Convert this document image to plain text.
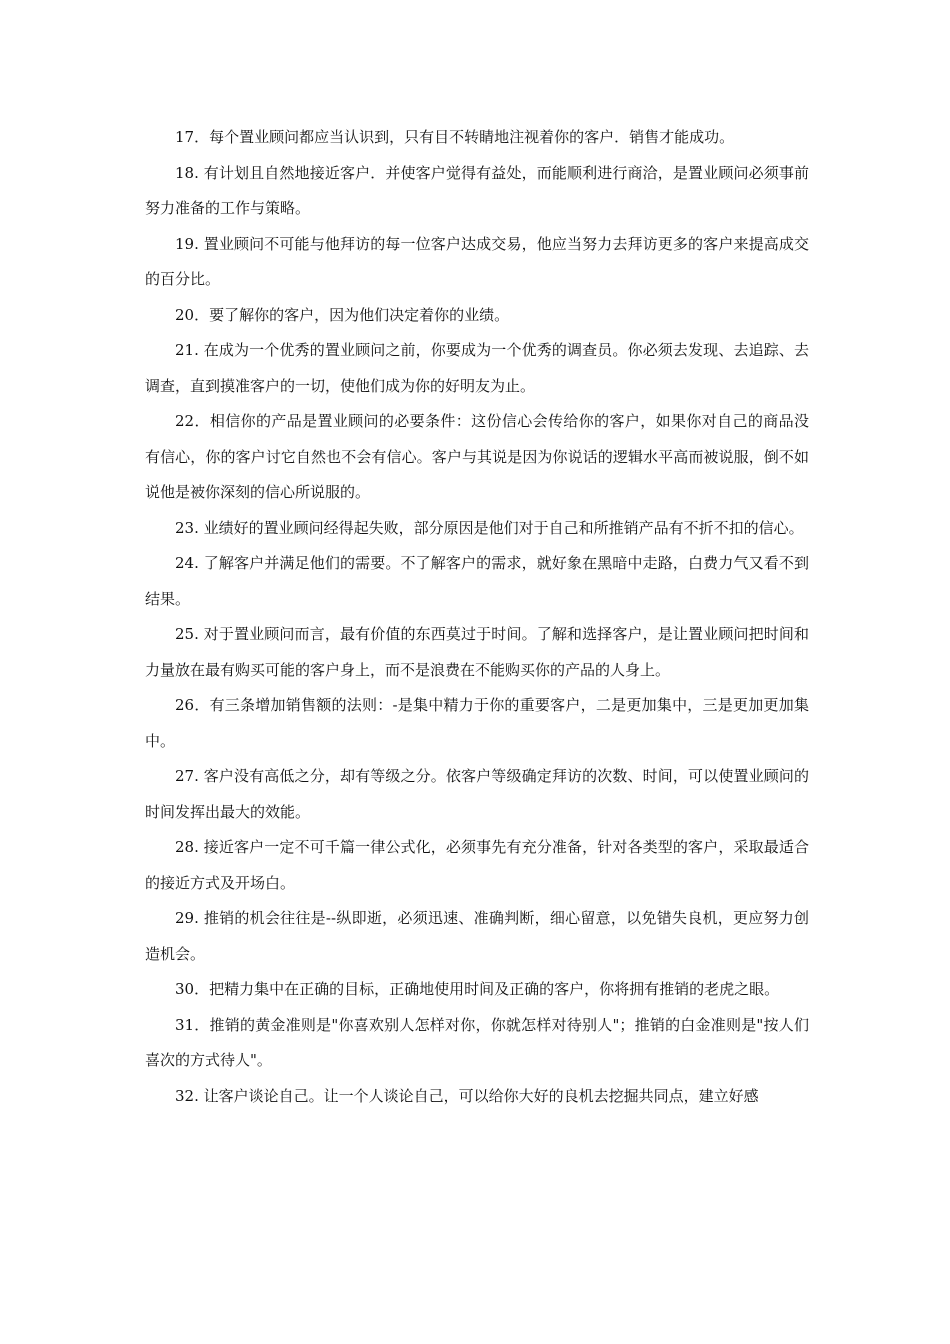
17．每个置业顾问都应当认识到，只有目不转睛地注视着你的客户．销售才能成功。

18. 有计划且自然地接近客户．并使客户觉得有益处，而能顺利进行商洽，是置业顾问必须事前努力准备的工作与策略。

19. 置业顾问不可能与他拜访的每一位客户达成交易，他应当努力去拜访更多的客户来提高成交的百分比。

20．要了解你的客户，因为他们决定着你的业绩。

21. 在成为一个优秀的置业顾问之前，你要成为一个优秀的调查员。你必须去发现、去追踪、去调查，直到摸准客户的一切，使他们成为你的好明友为止。

22．相信你的产品是置业顾问的必要条件：这份信心会传给你的客户，如果你对自己的商品没有信心，你的客户讨它自然也不会有信心。客户与其说是因为你说话的逻辑水平高而被说服，倒不如说他是被你深刻的信心所说服的。

23. 业绩好的置业顾问经得起失败，部分原因是他们对于自己和所推销产品有不折不扣的信心。

24. 了解客户并满足他们的需要。不了解客户的需求，就好象在黑暗中走路，白费力气又看不到结果。

25. 对于置业顾问而言，最有价值的东西莫过于时间。了解和选择客户，是让置业顾问把时间和力量放在最有购买可能的客户身上，而不是浪费在不能购买你的产品的人身上。

26．有三条增加销售额的法则：-是集中精力于你的重要客户，二是更加集中，三是更加更加集中。

27. 客户没有高低之分，却有等级之分。依客户等级确定拜访的次数、时间，可以使置业顾问的时间发挥出最大的效能。

28. 接近客户一定不可千篇一律公式化，必须事先有充分准备，针对各类型的客户，采取最适合的接近方式及开场白。

29. 推销的机会往往是--纵即逝，必须迅速、准确判断，细心留意，以免错失良机，更应努力创造机会。

30．把精力集中在正确的目标，正确地使用时间及正确的客户，你将拥有推销的老虎之眼。

31．推销的黄金准则是"你喜欢别人怎样对你，你就怎样对待别人"；推销的白金准则是"按人们喜次的方式待人"。

32. 让客户谈论自己。让一个人谈论自己，可以给你大好的良机去挖掘共同点，建立好感
